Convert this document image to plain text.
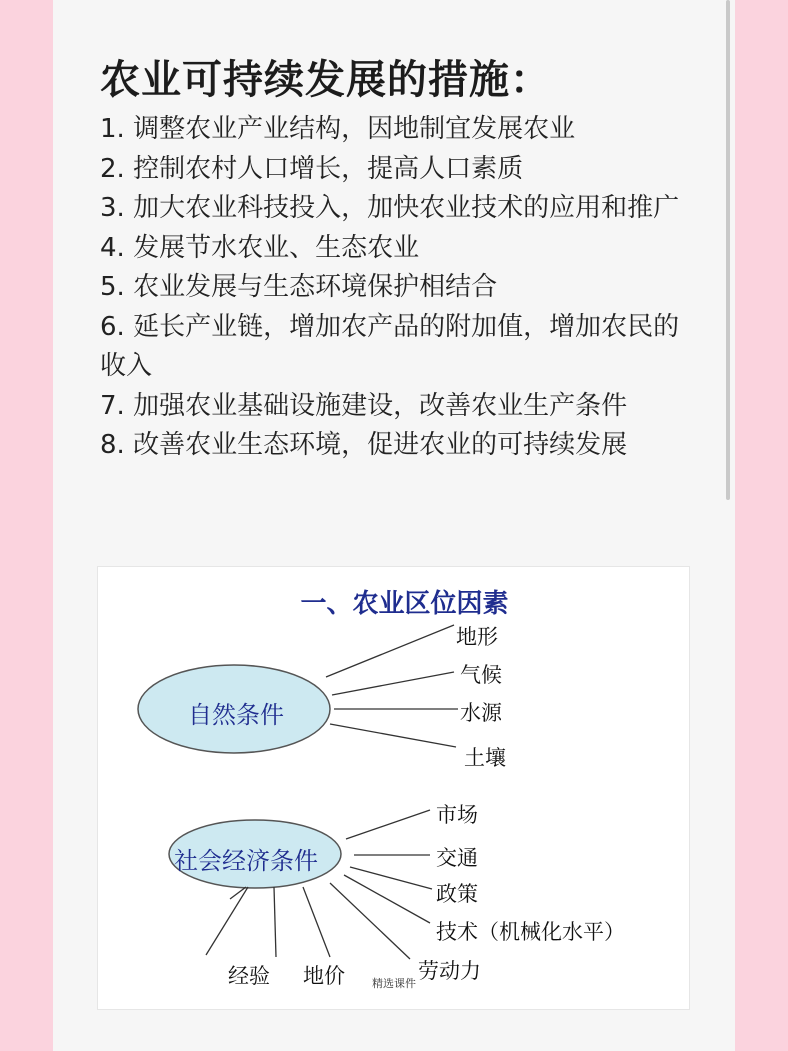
农业可持续发展的措施：
1. 调整农业产业结构，因地制宜发展农业
2. 控制农村人口增长，提高人口素质
3. 加大农业科技投入，加快农业技术的应用和推广
4. 发展节水农业、生态农业
5. 农业发展与生态环境保护相结合
6. 延长产业链，增加农产品的附加值，增加农民的收入
7. 加强农业基础设施建设，改善农业生产条件
8. 改善农业生态环境，促进农业的可持续发展
一、农业区位因素
自然条件
地形
气候
水源
土壤
社会经济条件
市场
交通
政策
技术（机械化水平）
劳动力
地价
经验	精选课件
